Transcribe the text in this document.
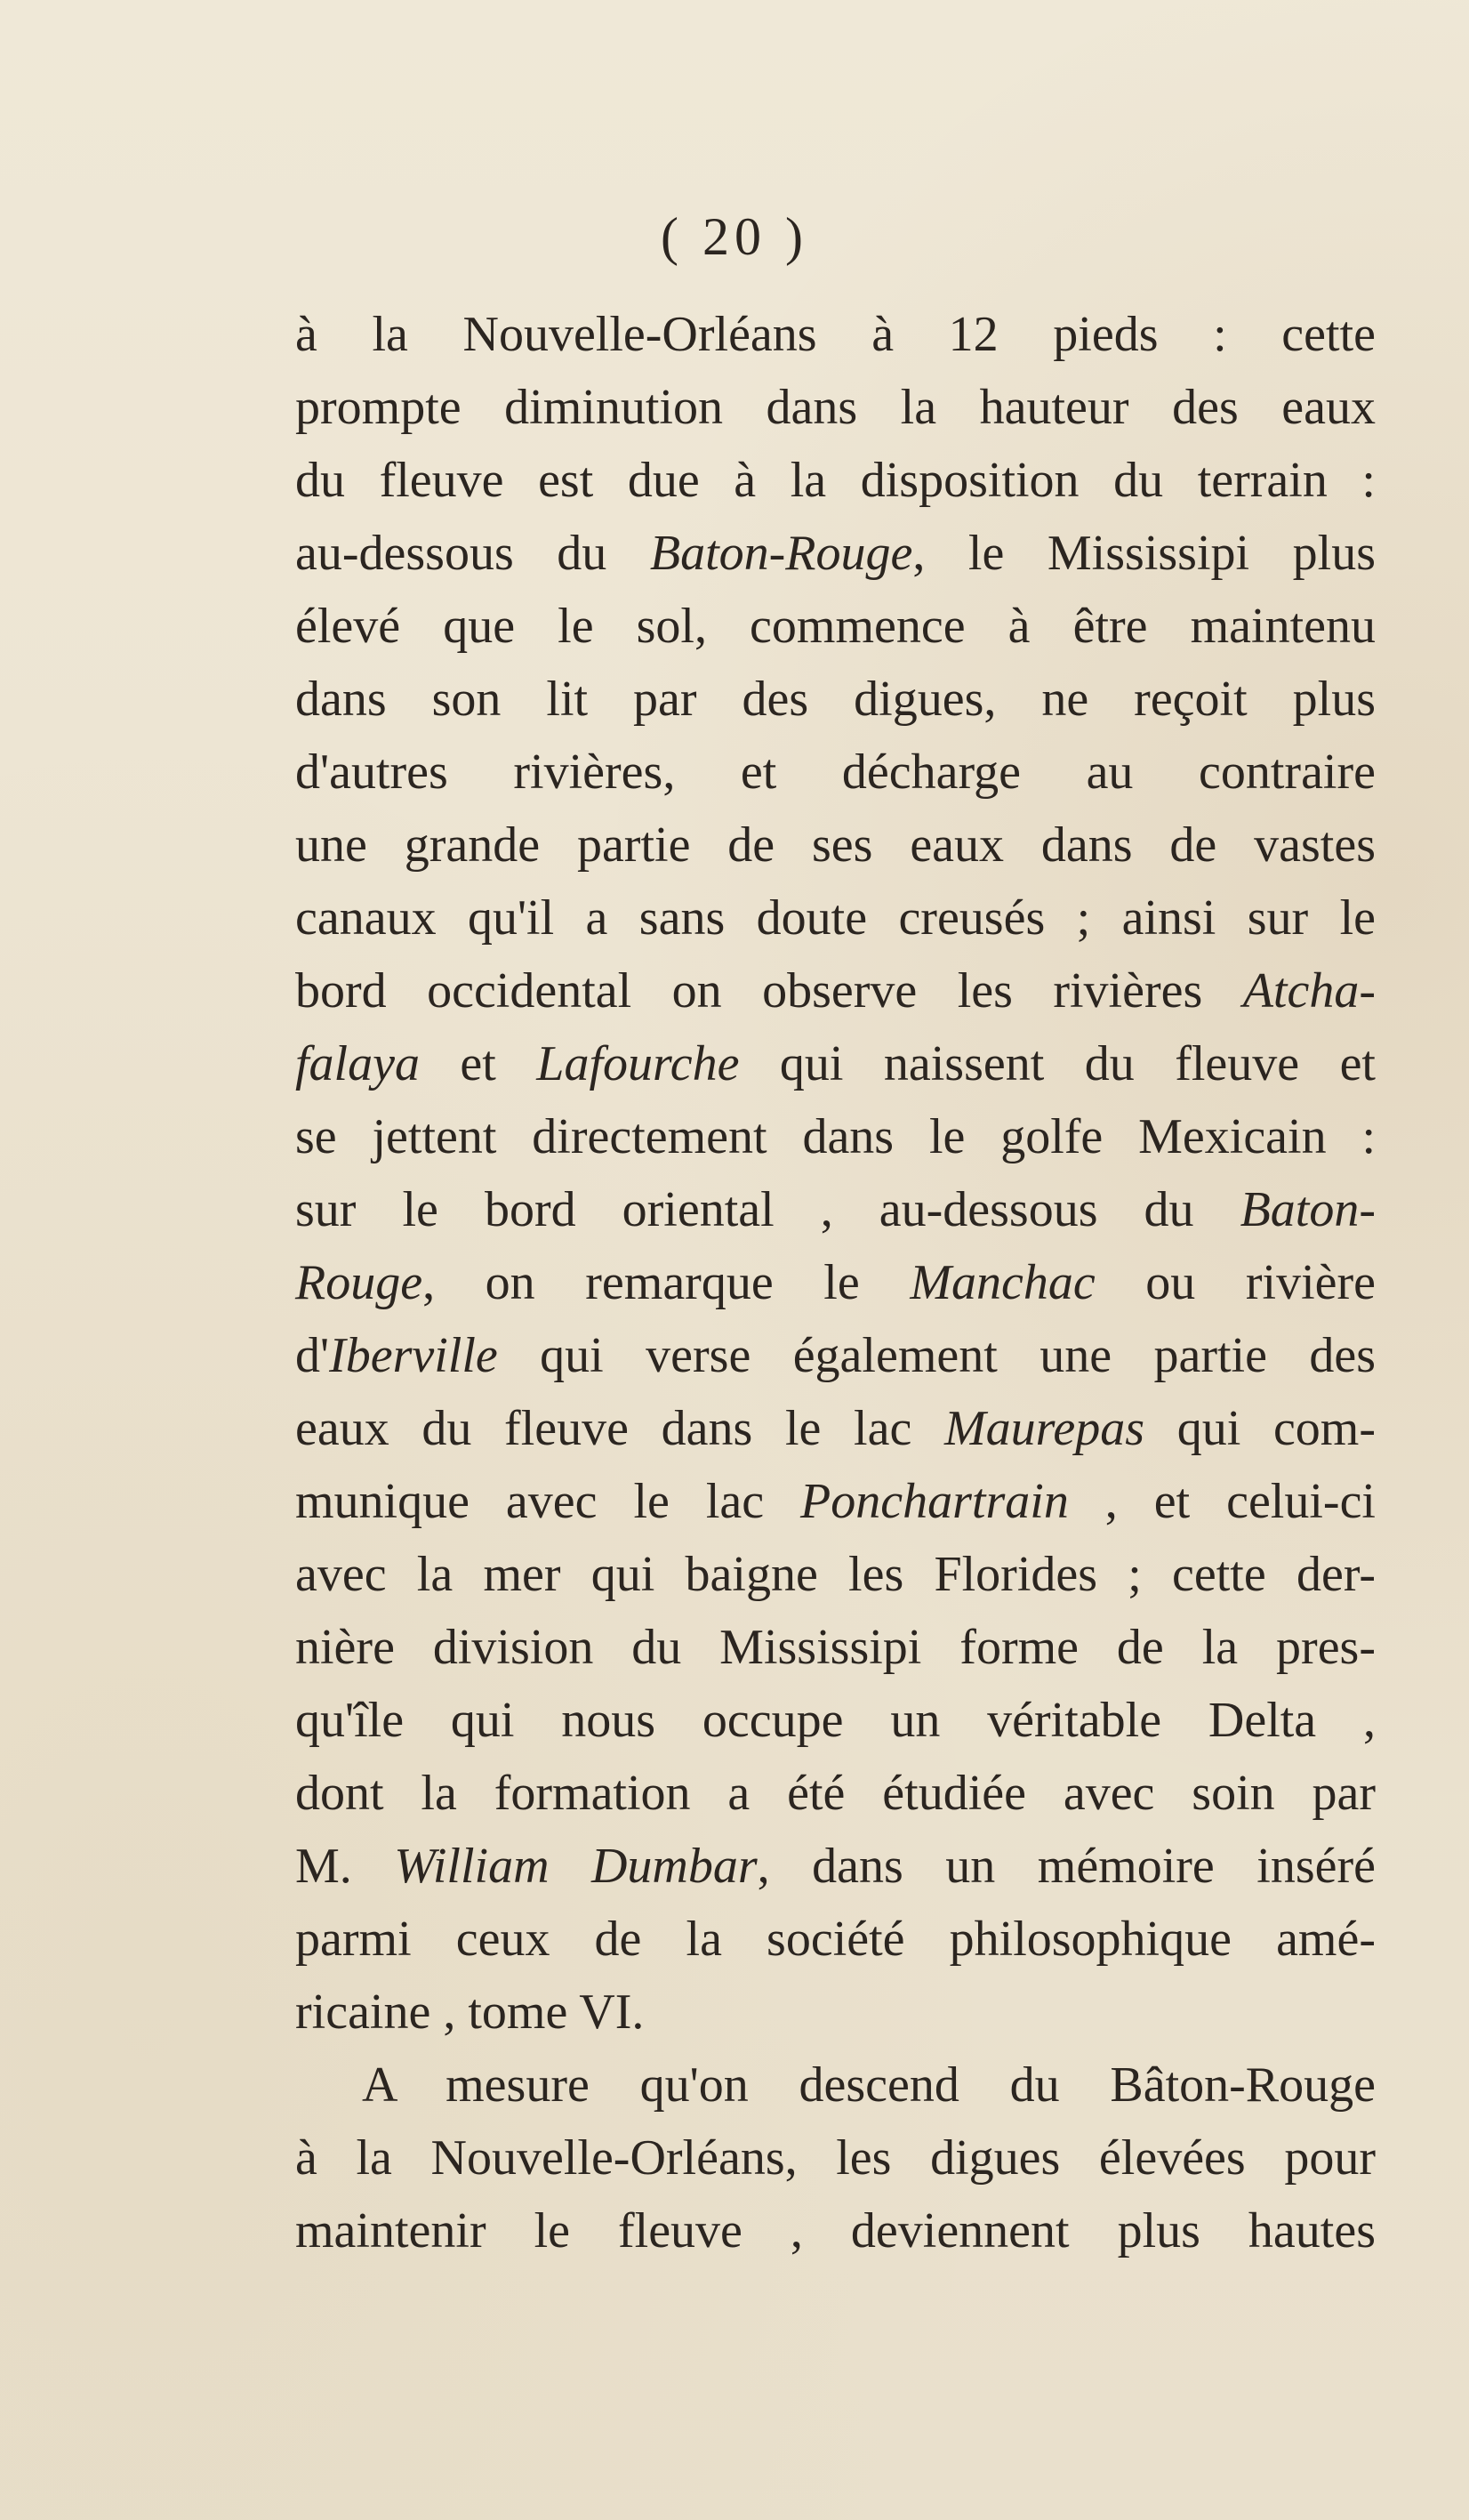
( 20 )
à la Nouvelle-Orléans à 12 pieds : cette
prompte diminution dans la hauteur des eaux
du fleuve est due à la disposition du terrain :
au-dessous du Baton-Rouge, le Mississipi plus
élevé que le sol, commence à être maintenu
dans son lit par des digues, ne reçoit plus
d'autres rivières, et décharge au contraire
une grande partie de ses eaux dans de vastes
canaux qu'il a sans doute creusés ; ainsi sur le
bord occidental on observe les rivières Atcha-
falaya et Lafourche qui naissent du fleuve et
se jettent directement dans le golfe Mexicain :
sur le bord oriental , au-dessous du Baton-
Rouge, on remarque le Manchac ou rivière
d'Iberville qui verse également une partie des
eaux du fleuve dans le lac Maurepas qui com-
munique avec le lac Ponchartrain , et celui-ci
avec la mer qui baigne les Florides ; cette der-
nière division du Mississipi forme de la pres-
qu'île qui nous occupe un véritable Delta ,
dont la formation a été étudiée avec soin par
M. William Dumbar, dans un mémoire inséré
parmi ceux de la société philosophique amé-
ricaine , tome VI.
A mesure qu'on descend du Bâton-Rouge
à la Nouvelle-Orléans, les digues élevées pour
maintenir le fleuve , deviennent plus hautes
